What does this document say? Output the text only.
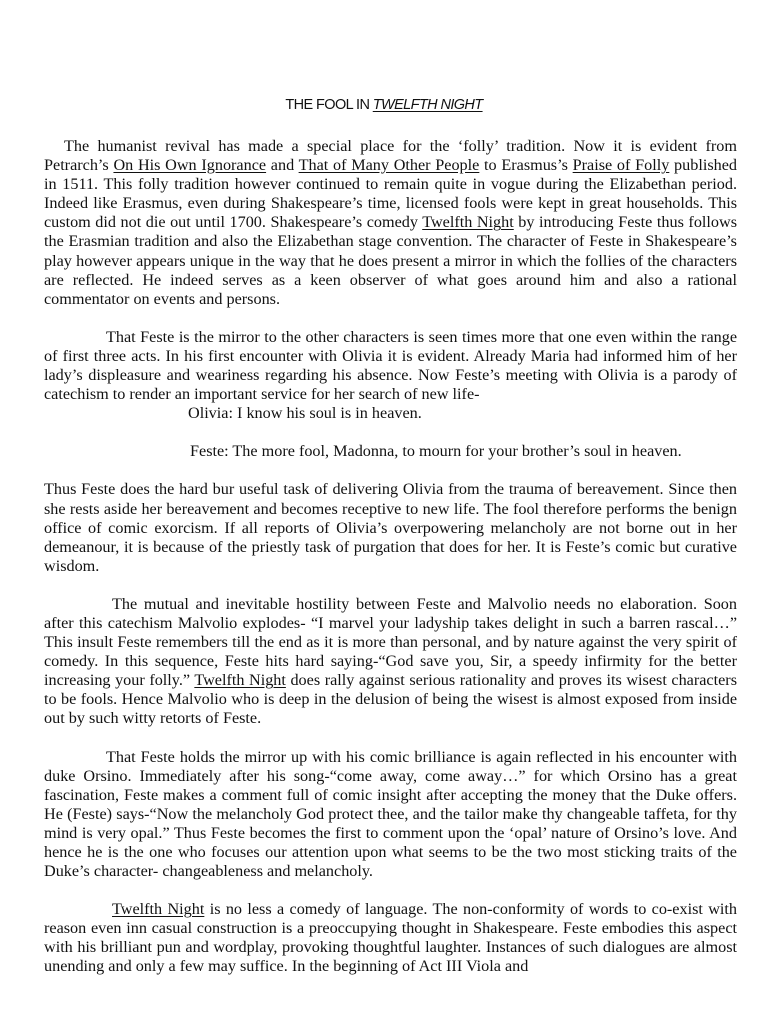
THE FOOL IN TWELFTH NIGHT

The humanist revival has made a special place for the ‘folly’ tradition. Now it is evident from Petrarch’s On His Own Ignorance and That of Many Other People to Erasmus’s Praise of Folly published in 1511. This folly tradition however continued to remain quite in vogue during the Elizabethan period. Indeed like Erasmus, even during Shakespeare’s time, licensed fools were kept in great households. This custom did not die out until 1700. Shakespeare’s comedy Twelfth Night by introducing Feste thus follows the Erasmian tradition and also the Elizabethan stage convention. The character of Feste in Shakespeare’s play however appears unique in the way that he does present a mirror in which the follies of the characters are reflected. He indeed serves as a keen observer of what goes around him and also a rational commentator on events and persons.

That Feste is the mirror to the other characters is seen times more that one even within the range of first three acts. In his first encounter with Olivia it is evident. Already Maria had informed him of her lady’s displeasure and weariness regarding his absence. Now Feste’s meeting with Olivia is a parody of catechism to render an important service for her search of new life-

Olivia: I know his soul is in heaven.

Feste: The more fool, Madonna, to mourn for your brother’s soul in heaven.

Thus Feste does the hard bur useful task of delivering Olivia from the trauma of bereavement. Since then she rests aside her bereavement and becomes receptive to new life. The fool therefore performs the benign office of comic exorcism. If all reports of Olivia’s overpowering melancholy are not borne out in her demeanour, it is because of the priestly task of purgation that does for her. It is Feste’s comic but curative wisdom.

The mutual and inevitable hostility between Feste and Malvolio needs no elaboration. Soon after this catechism Malvolio explodes- “I marvel your ladyship takes delight in such a barren rascal…” This insult Feste remembers till the end as it is more than personal, and by nature against the very spirit of comedy. In this sequence, Feste hits hard saying-“God save you, Sir, a speedy infirmity for the better increasing your folly.” Twelfth Night does rally against serious rationality and proves its wisest characters to be fools. Hence Malvolio who is deep in the delusion of being the wisest is almost exposed from inside out by such witty retorts of Feste.

That Feste holds the mirror up with his comic brilliance is again reflected in his encounter with duke Orsino. Immediately after his song-“come away, come away…” for which Orsino has a great fascination, Feste makes a comment full of comic insight after accepting the money that the Duke offers. He (Feste) says-“Now the melancholy God protect thee, and the tailor make thy changeable taffeta, for thy mind is very opal.” Thus Feste becomes the first to comment upon the ‘opal’ nature of Orsino’s love. And hence he is the one who focuses our attention upon what seems to be the two most sticking traits of the Duke’s character- changeableness and melancholy.

Twelfth Night is no less a comedy of language. The non-conformity of words to co-exist with reason even inn casual construction is a preoccupying thought in Shakespeare. Feste embodies this aspect with his brilliant pun and wordplay, provoking thoughtful laughter. Instances of such dialogues are almost unending and only a few may suffice. In the beginning of Act III Viola and
